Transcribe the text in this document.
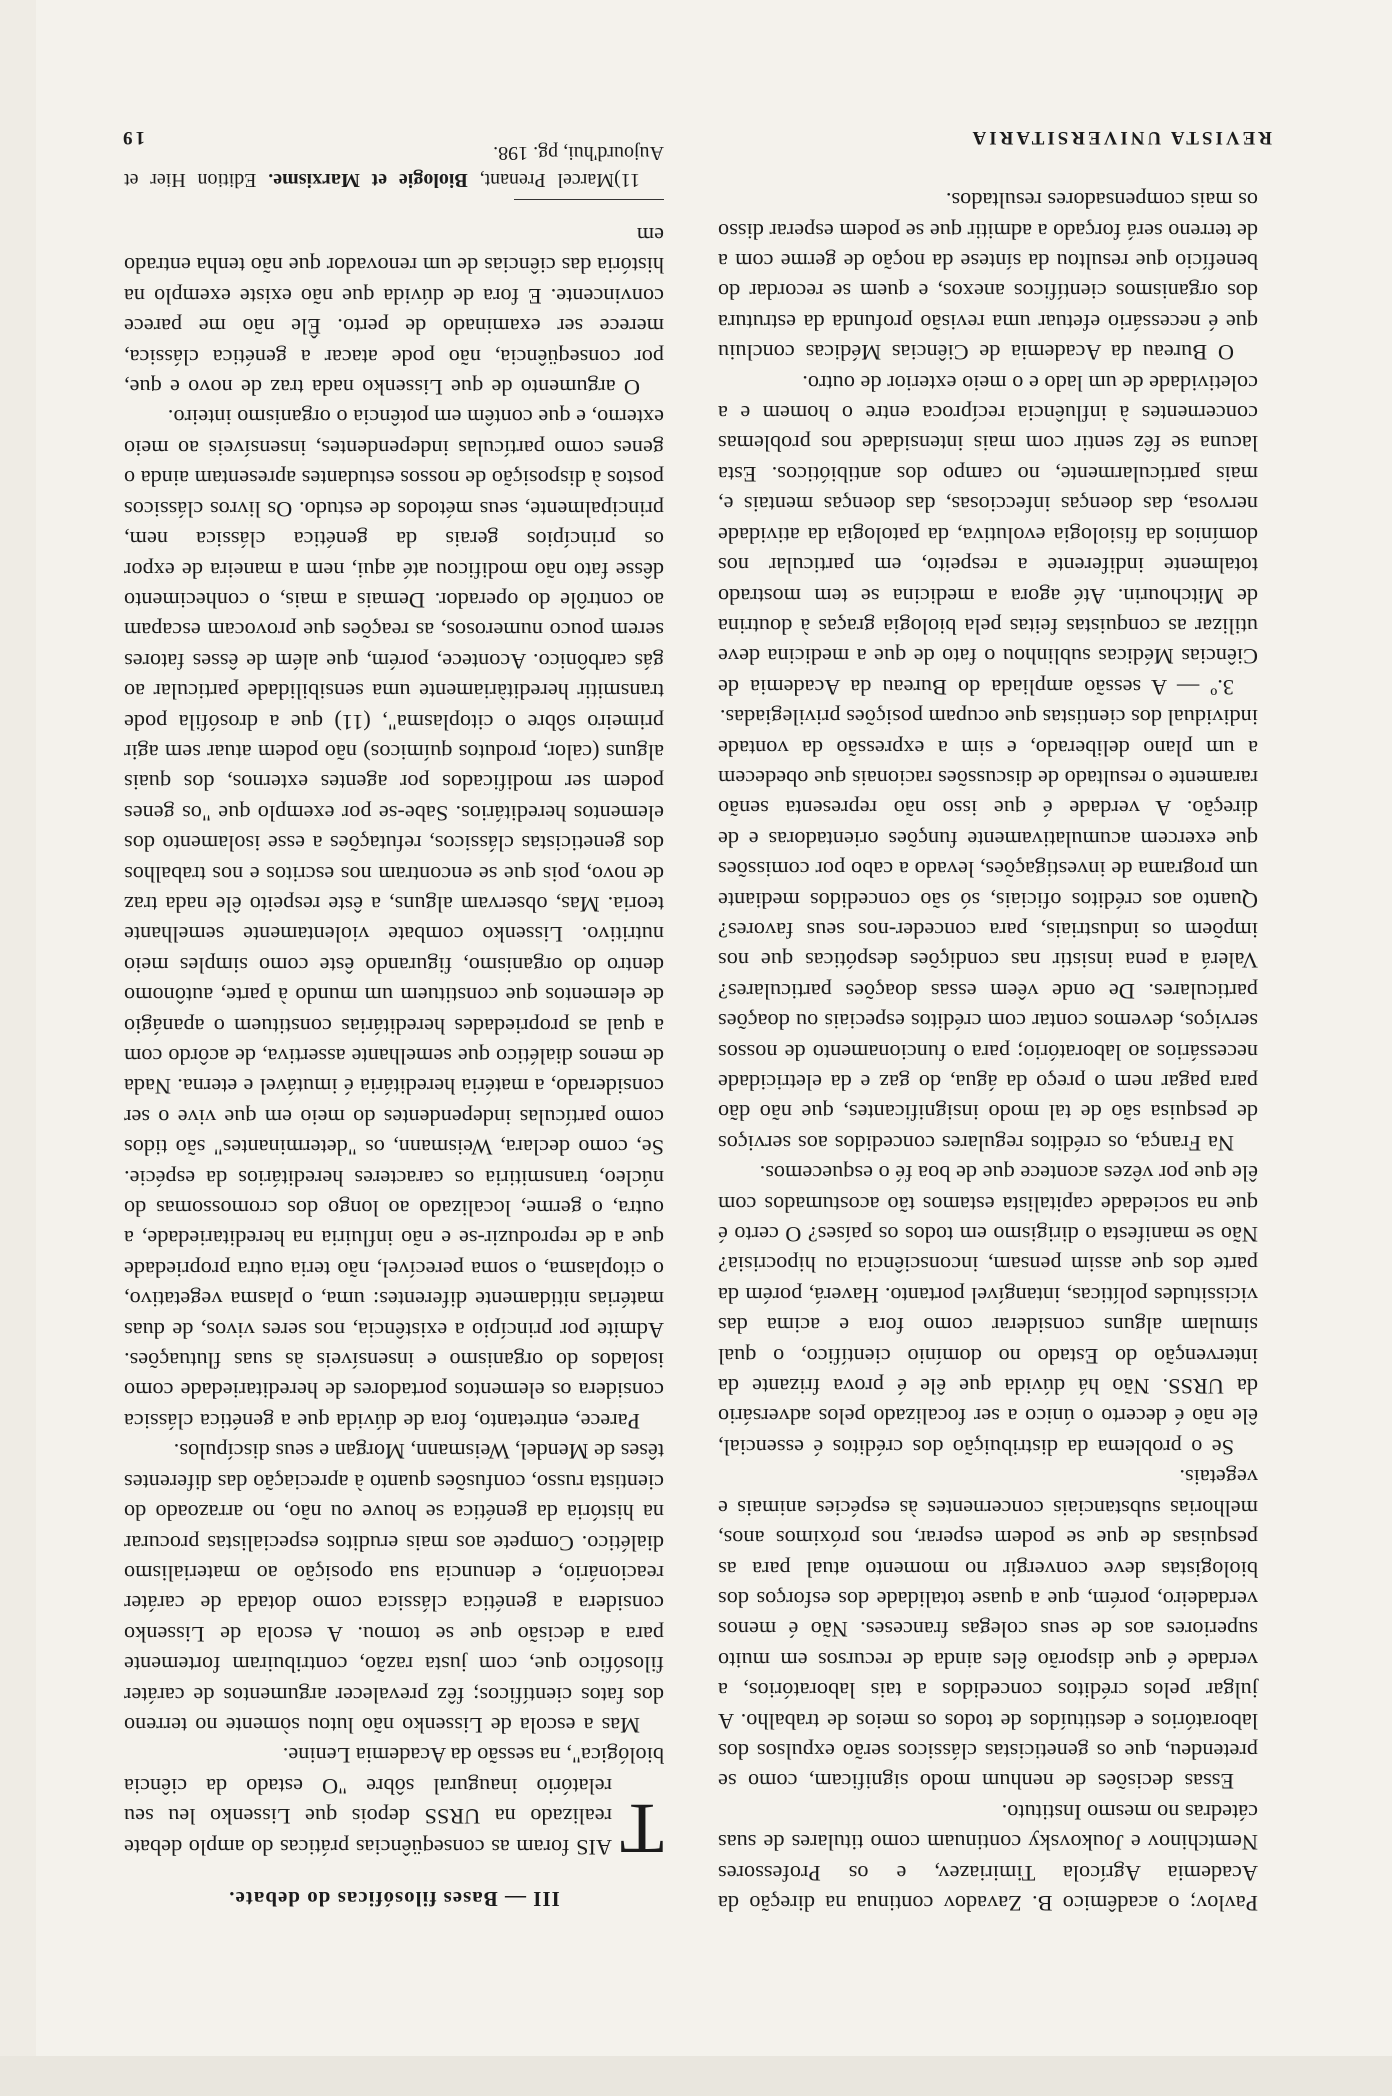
REVISTA UNIVERSITARIA
19

Pavlov; o acadêmico B. Zavadov continua na direção da Academia Agrícola Timiriazev, e os Professores Nemtchinov e Joukovsky continuam como titulares de suas cátedras no mesmo Instituto.

Essas decisões de nenhum modo significam, como se pretendeu, que os geneticistas clássicos serão expulsos dos laboratórios e destituídos de todos os meios de trabalho. A julgar pelos créditos concedidos a tais laboratórios, a verdade é que disporão êles ainda de recursos em muito superiores aos de seus colegas franceses. Não é menos verdadeiro, porém, que a quase totalidade dos esforços dos biologistas deve convergir no momento atual para as pesquisas de que se podem esperar, nos próximos anos, melhorias substanciais concernentes às espécies animais e vegetais.

Se o problema da distribuição dos créditos é essencial, êle não é decerto o único a ser focalizado pelos adversário da URSS. Não há dúvida que êle é prova frizante da intervenção do Estado no domínio científico, o qual simulam alguns considerar como fora e acima das vicissitudes políticas, intangível portanto. Haverá, porém da parte dos que assim pensam, inconsciência ou hipocrisia? Não se manifesta o dirigismo em todos os países? O certo é que na sociedade capitalista estamos tão acostumados com êle que por vêzes acontece que de boa fé o esquecemos.

Na França, os créditos regulares concedidos aos serviços de pesquisa são de tal modo insignificantes, que não dão para pagar nem o preço da água, do gaz e da eletricidade necessários ao laboratório; para o funcionamento de nossos serviços, devemos contar com créditos especiais ou doações particulares. De onde vêem essas doações particulares? Valerá a pena insistir nas condições despóticas que nos impõem os industriais, para conceder-nos seus favores? Quanto aos créditos oficiais, só são concedidos mediante um programa de investigações, levado a cabo por comissões que exercem acumulativamente funções orientadoras e de direção. A verdade é que isso não representa senão raramente o resultado de discussões racionais que obedecem a um plano deliberado, e sim a expressão da vontade individual dos cientistas que ocupam posições privilegiadas.

3.º — A sessão ampliada do Bureau da Academia de Ciências Médicas sublinhou o fato de que a medicina deve utilizar as conquistas feitas pela biologia graças à doutrina de Mitchourin. Até agora a medicina se tem mostrado totalmente indiferente a respeito, em particular nos domínios da fisiologia evolutiva, da patologia da atividade nervosa, das doenças infecciosas, das doenças mentais e, mais particularmente, no campo dos antibióticos. Esta lacuna se fêz sentir com mais intensidade nos problemas concernentes à influência recíproca entre o homem e a coletividade de um lado e o meio exterior de outro.

O Bureau da Academia de Ciências Médicas concluiu que é necessário efetuar uma revisão profunda da estrutura dos organismos científicos anexos, e quem se recordar do benefício que resultou da síntese da noção de germe com a de terreno será forçado a admitir que se podem esperar disso os mais compensadores resultados.

III — Bases filosóficas do debate.

T
AIS foram as conseqüências práticas do amplo debate realizado na URSS depois que Lissenko leu seu relatório inaugural sôbre "O estado da ciência biológica", na sessão da Academia Lenine.

Mas a escola de Lissenko não lutou sòmente no terreno dos fatos científicos; fêz prevalecer argumentos de caráter filosófico que, com justa razão, contribuiram fortemente para a decisão que se tomou. A escola de Lissenko considera a genética clássica como dotada de caráter reacionário, e denuncia sua oposição ao materialismo dialético. Compete aos mais eruditos especialistas procurar na história da genética se houve ou não, no arrazoado do cientista russo, confusões quanto à apreciação das diferentes têses de Mendel, Weismann, Morgan e seus discípulos.

Parece, entretanto, fora de dúvida que a genética clássica considera os elementos portadores de hereditariedade como isolados do organismo e insensíveis às suas flutuações. Admite por princípio a existência, nos seres vivos, de duas matérias nitidamente diferentes: uma, o plasma vegetativo, o citoplasma, o soma perecível, não teria outra propriedade que a de reproduzir-se e não influiria na hereditariedade, a outra, o germe, localizado ao longo dos cromossomas do núcleo, transmitiria os caracteres hereditários da espécie. Se, como declara, Weismann, os "determinantes" são tidos como partículas independentes do meio em que vive o ser considerado, a matéria hereditária é imutável e eterna. Nada de menos dialético que semelhante assertiva, de acôrdo com a qual as propriedades hereditárias constituem o apanágio de elementos que constituem um mundo à parte, autônomo dentro do organismo, figurando êste como simples meio nutritivo. Lissenko combate violentamente semelhante teoria. Mas, observam alguns, a êste respeito êle nada traz de novo, pois que se encontram nos escritos e nos trabalhos dos geneticistas clássicos, refutações a esse isolamento dos elementos hereditários. Sabe-se por exemplo que "os genes podem ser modificados por agentes externos, dos quais alguns (calor, produtos químicos) não podem atuar sem agir primeiro sôbre o citoplasma", (11) que a drosófila pode transmitir hereditàriamente uma sensibilidade particular ao gás carbônico. Acontece, porém, que além de êsses fatores serem pouco numerosos, as reações que provocam escapam ao contrôle do operador. Demais a mais, o conhecimento dêsse fato não modificou até aqui, nem a maneira de expor os princípios gerais da genética clássica nem, principalmente, seus métodos de estudo. Os livros clássicos postos à disposição de nossos estudantes apresentam ainda o genes como partículas independentes, insensíveis ao meio externo, e que contêm em potência o organismo inteiro.

O argumento de que Lissenko nada traz de novo e que, por conseqüência, não pode atacar a genética clássica, merece ser examinado de perto. Êle não me parece convincente. E fora de dúvida que não existe exemplo na história das ciências de um renovador que não tenha entrado em

11)Marcel Prenant, Biologie et Marxisme. Edition Hier et Aujourd'hui, pg. 198.
